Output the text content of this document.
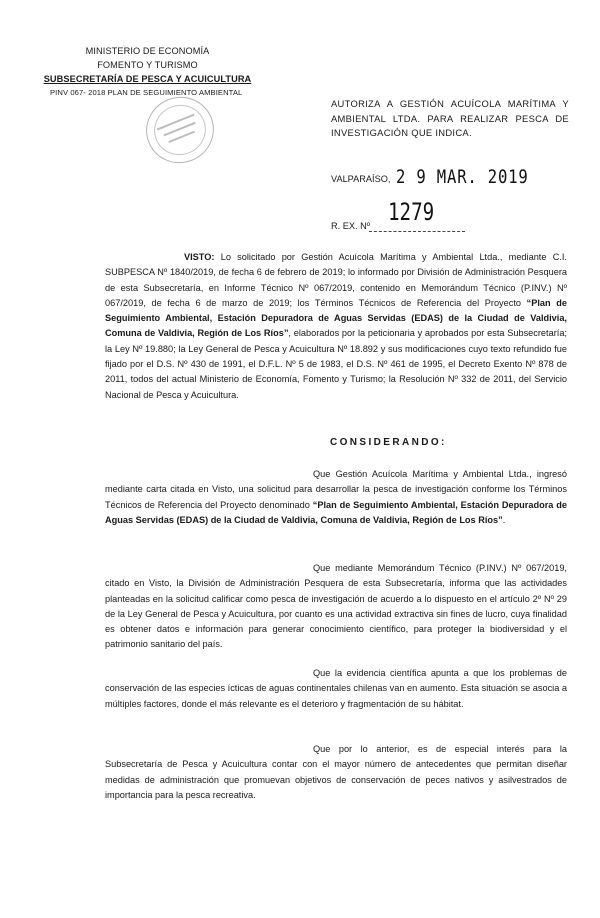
MINISTERIO DE ECONOMÍA
FOMENTO Y TURISMO
SUBSECRETARÍA DE PESCA Y ACUICULTURA
PINV 067- 2018 PLAN DE SEGUIMIENTO AMBIENTAL
AUTORIZA A GESTIÓN ACUÍCOLA MARÍTIMA Y AMBIENTAL LTDA. PARA REALIZAR PESCA DE INVESTIGACIÓN QUE INDICA.
VALPARAÍSO, 2 9 MAR. 2019
R. EX. Nº 1279

VISTO: Lo solicitado por Gestión Acuícola Marítima y Ambiental Ltda., mediante C.I. SUBPESCA Nº 1840/2019, de fecha 6 de febrero de 2019; lo informado por División de Administración Pesquera de esta Subsecretaría, en Informe Técnico Nº 067/2019, contenido en Memorándum Técnico (P.INV.) Nº 067/2019, de fecha 6 de marzo de 2019; los Términos Técnicos de Referencia del Proyecto “Plan de Seguimiento Ambiental, Estación Depuradora de Aguas Servidas (EDAS) de la Ciudad de Valdivia, Comuna de Valdivia, Región de Los Ríos”, elaborados por la peticionaria y aprobados por esta Subsecretaría; la Ley Nº 19.880; la Ley General de Pesca y Acuicultura Nº 18.892 y sus modificaciones cuyo texto refundido fue fijado por el D.S. Nº 430 de 1991, el D.F.L. Nº 5 de 1983, el D.S. Nº 461 de 1995, el Decreto Exento Nº 878 de 2011, todos del actual Ministerio de Economía, Fomento y Turismo; la Resolución Nº 332 de 2011, del Servicio Nacional de Pesca y Acuicultura.

CONSIDERANDO:

Que Gestión Acuícola Marítima y Ambiental Ltda., ingresó mediante carta citada en Visto, una solicitud para desarrollar la pesca de investigación conforme los Términos Técnicos de Referencia del Proyecto denominado “Plan de Seguimiento Ambiental, Estación Depuradora de Aguas Servidas (EDAS) de la Ciudad de Valdivia, Comuna de Valdivia, Región de Los Ríos”.

Que mediante Memorándum Técnico (P.INV.) Nº 067/2019, citado en Visto, la División de Administración Pesquera de esta Subsecretaría, informa que las actividades planteadas en la solicitud calificar como pesca de investigación de acuerdo a lo dispuesto en el artículo 2º Nº 29 de la Ley General de Pesca y Acuicultura, por cuanto es una actividad extractiva sin fines de lucro, cuya finalidad es obtener datos e información para generar conocimiento científico, para proteger la biodiversidad y el patrimonio sanitario del país.

Que la evidencia científica apunta a que los problemas de conservación de las especies ícticas de aguas continentales chilenas van en aumento. Esta situación se asocia a múltiples factores, donde el más relevante es el deterioro y fragmentación de su hábitat.

Que por lo anterior, es de especial interés para la Subsecretaría de Pesca y Acuicultura contar con el mayor número de antecedentes que permitan diseñar medidas de administración que promuevan objetivos de conservación de peces nativos y asilvestrados de importancia para la pesca recreativa.
